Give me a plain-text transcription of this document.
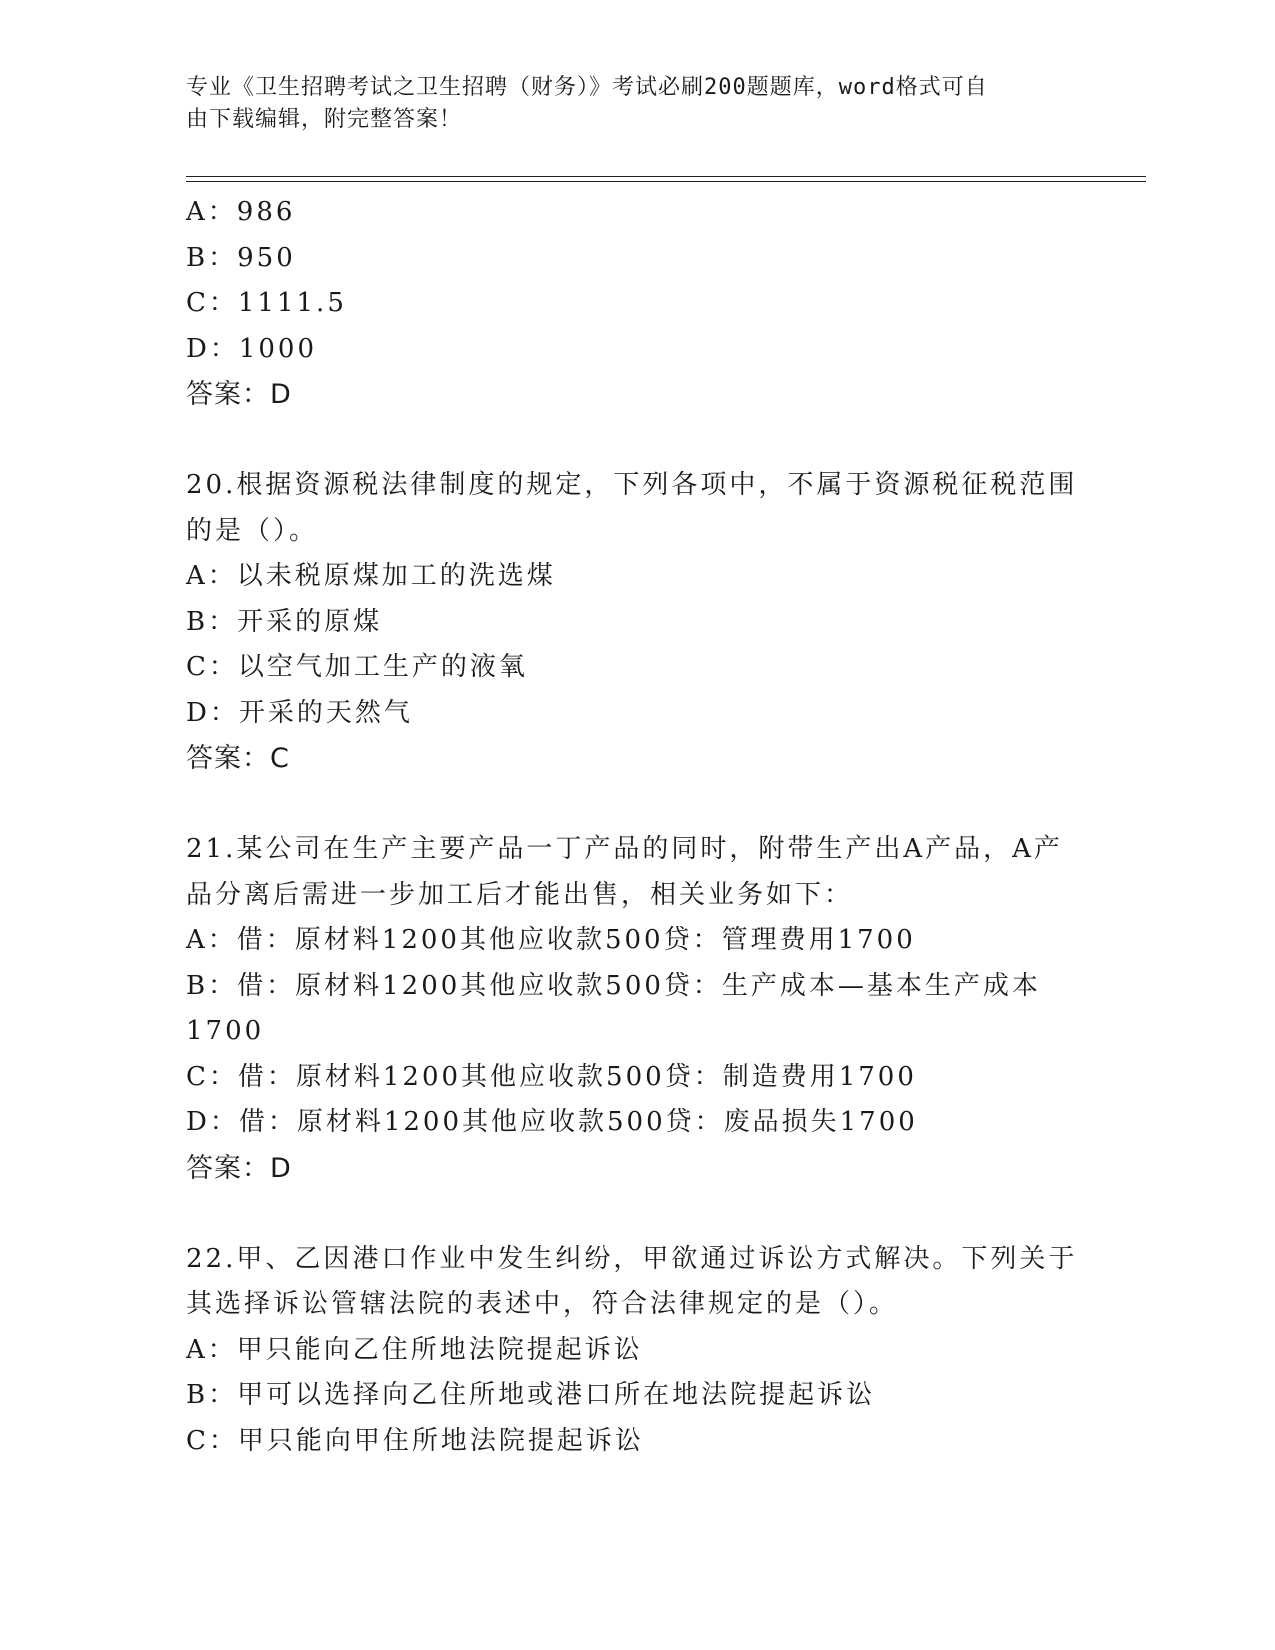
专业《卫生招聘考试之卫生招聘（财务）》考试必刷200题题库，word格式可自
由下载编辑，附完整答案！
A：986
B：950
C：1111.5
D：1000
答案：D
20.根据资源税法律制度的规定，下列各项中，不属于资源税征税范围
的是（）。
A：以未税原煤加工的洗选煤
B：开采的原煤
C：以空气加工生产的液氧
D：开采的天然气
答案：C
21.某公司在生产主要产品一丁产品的同时，附带生产出A产品，A产
品分离后需进一步加工后才能出售，相关业务如下：
A：借：原材料1200其他应收款500贷：管理费用1700
B：借：原材料1200其他应收款500贷：生产成本—基本生产成本
1700
C：借：原材料1200其他应收款500贷：制造费用1700
D：借：原材料1200其他应收款500贷：废品损失1700
答案：D
22.甲、乙因港口作业中发生纠纷，甲欲通过诉讼方式解决。下列关于
其选择诉讼管辖法院的表述中，符合法律规定的是（）。
A：甲只能向乙住所地法院提起诉讼
B：甲可以选择向乙住所地或港口所在地法院提起诉讼
C：甲只能向甲住所地法院提起诉讼
